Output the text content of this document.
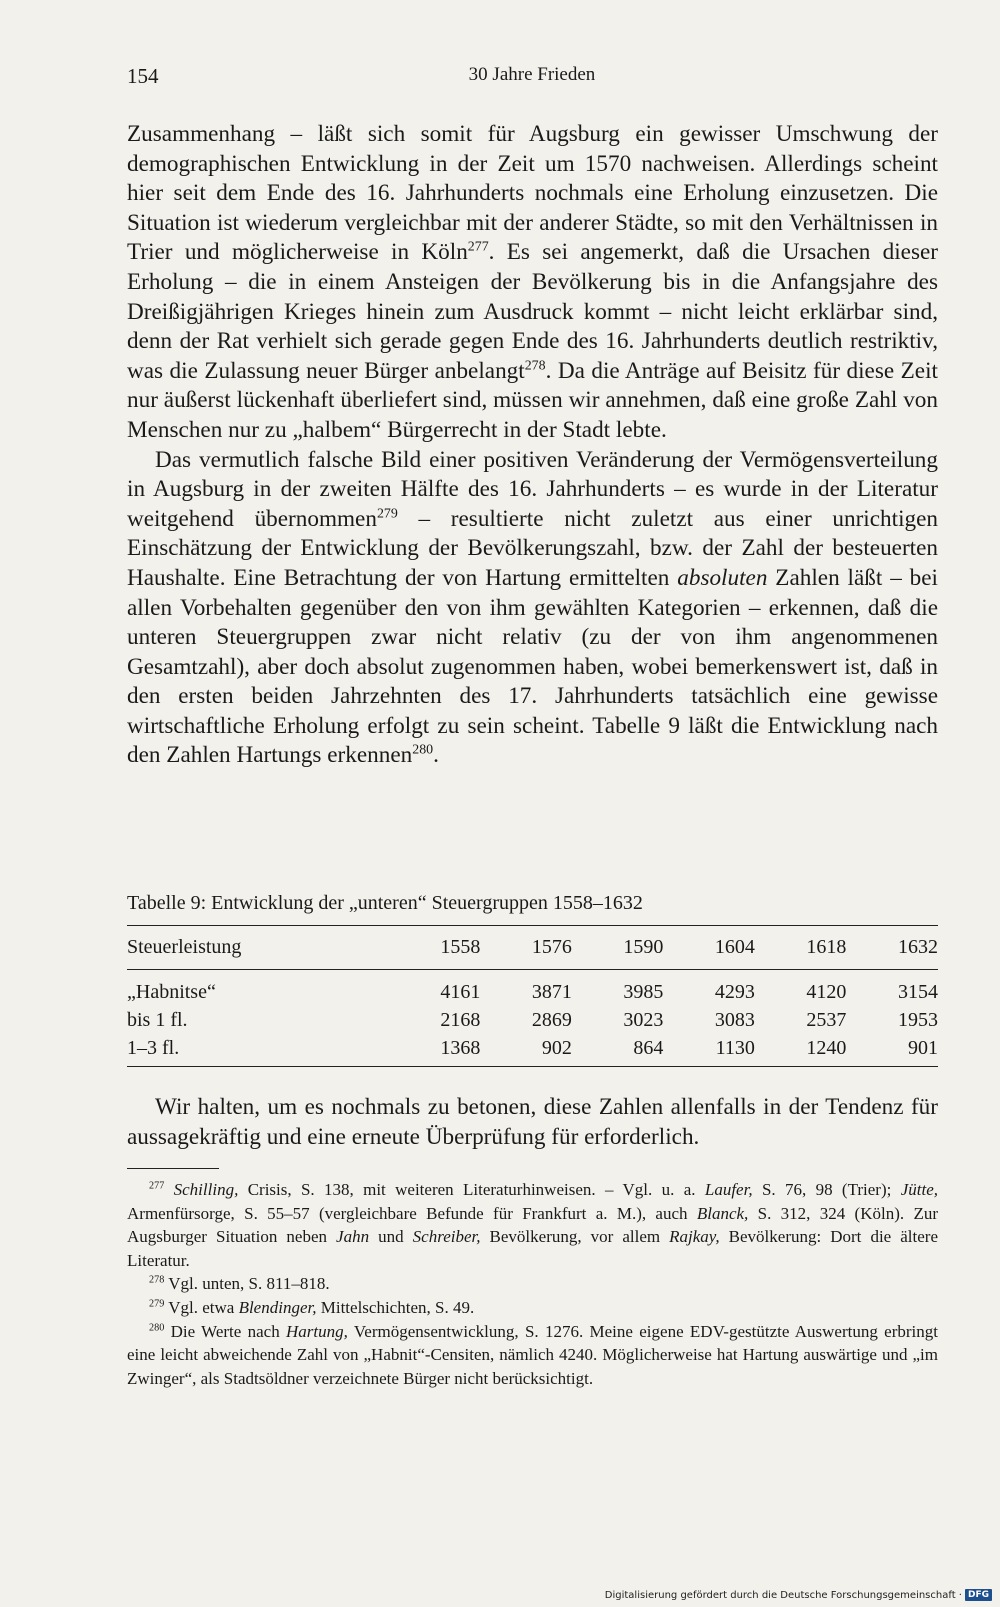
154	30 Jahre Frieden

Zusammenhang – läßt sich somit für Augsburg ein gewisser Umschwung der demographischen Entwicklung in der Zeit um 1570 nachweisen. Allerdings scheint hier seit dem Ende des 16. Jahrhunderts nochmals eine Erholung einzusetzen. Die Situation ist wiederum vergleichbar mit der anderer Städte, so mit den Verhältnissen in Trier und möglicherweise in Köln$^{277}$. Es sei angemerkt, daß die Ursachen dieser Erholung – die in einem Ansteigen der Bevölkerung bis in die Anfangsjahre des Dreißigjährigen Krieges hinein zum Ausdruck kommt – nicht leicht erklärbar sind, denn der Rat verhielt sich gerade gegen Ende des 16. Jahrhunderts deutlich restriktiv, was die Zulassung neuer Bürger anbelangt$^{278}$. Da die Anträge auf Beisitz für diese Zeit nur äußerst lückenhaft überliefert sind, müssen wir annehmen, daß eine große Zahl von Menschen nur zu „halbem“ Bürgerrecht in der Stadt lebte.

Das vermutlich falsche Bild einer positiven Veränderung der Vermögensverteilung in Augsburg in der zweiten Hälfte des 16. Jahrhunderts – es wurde in der Literatur weitgehend übernommen$^{279}$ – resultierte nicht zuletzt aus einer unrichtigen Einschätzung der Entwicklung der Bevölkerungszahl, bzw. der Zahl der besteuerten Haushalte. Eine Betrachtung der von Hartung ermittelten absoluten Zahlen läßt – bei allen Vorbehalten gegenüber den von ihm gewählten Kategorien – erkennen, daß die unteren Steuergruppen zwar nicht relativ (zu der von ihm angenommenen Gesamtzahl), aber doch absolut zugenommen haben, wobei bemerkenswert ist, daß in den ersten beiden Jahrzehnten des 17. Jahrhunderts tatsächlich eine gewisse wirtschaftliche Erholung erfolgt zu sein scheint. Tabelle 9 läßt die Entwicklung nach den Zahlen Hartungs erkennen$^{280}$.

Tabelle 9: Entwicklung der „unteren“ Steuergruppen 1558–1632
Steuerleistung	1558	1576	1590	1604	1618	1632
„Habnitse“	4161	3871	3985	4293	4120	3154
bis 1 fl.	2168	2869	3023	3083	2537	1953
1–3 fl.	1368	902	864	1130	1240	901

Wir halten, um es nochmals zu betonen, diese Zahlen allenfalls in der Tendenz für aussagekräftig und eine erneute Überprüfung für erforderlich.

$^{277}$ Schilling, Crisis, S. 138, mit weiteren Literaturhinweisen. – Vgl. u. a. Laufer, S. 76, 98 (Trier); Jütte, Armenfürsorge, S. 55–57 (vergleichbare Befunde für Frankfurt a. M.), auch Blanck, S. 312, 324 (Köln). Zur Augsburger Situation neben Jahn und Schreiber, Bevölkerung, vor allem Rajkay, Bevölkerung: Dort die ältere Literatur.

$^{278}$ Vgl. unten, S. 811–818.

$^{279}$ Vgl. etwa Blendinger, Mittelschichten, S. 49.

$^{280}$ Die Werte nach Hartung, Vermögensentwicklung, S. 1276. Meine eigene EDV-gestützte Auswertung erbringt eine leicht abweichende Zahl von „Habnit“-Censiten, nämlich 4240. Möglicherweise hat Hartung auswärtige und „im Zwinger“, als Stadtsöldner verzeichnete Bürger nicht berücksichtigt.

Digitalisierung gefördert durch die Deutsche Forschungsgemeinschaft · DFG
